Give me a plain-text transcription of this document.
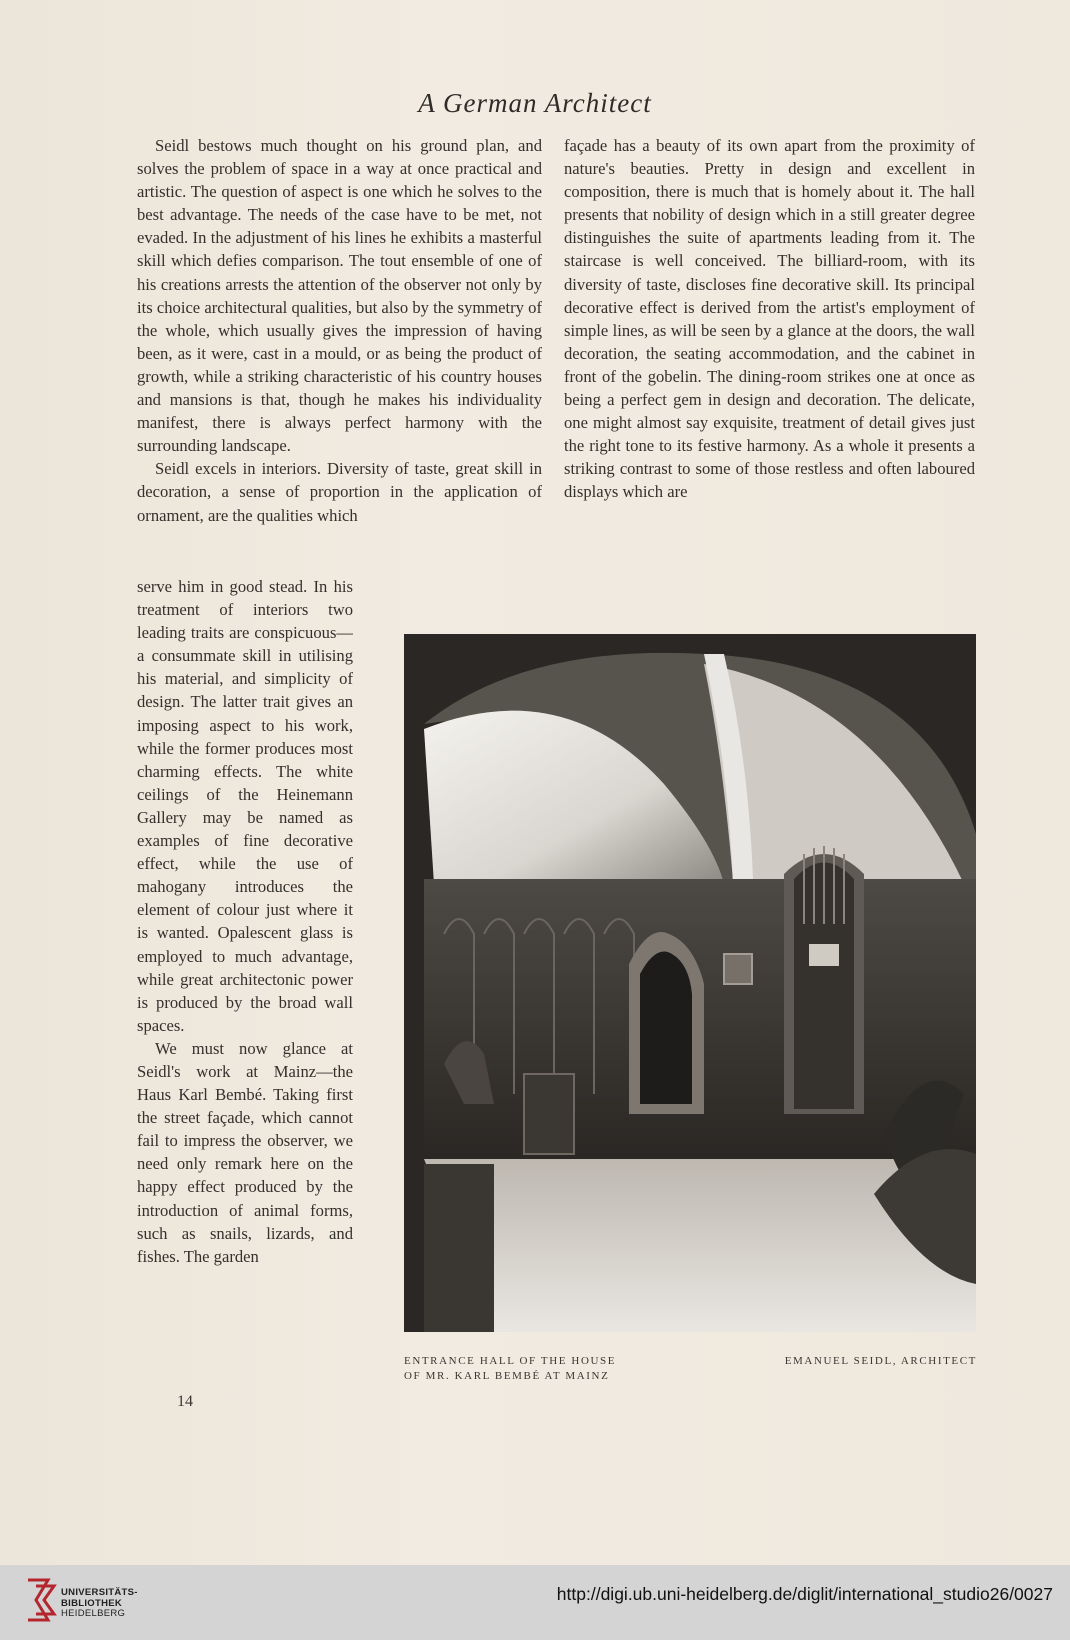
A German Architect

Seidl bestows much thought on his ground plan, and solves the problem of space in a way at once practical and artistic. The question of aspect is one which he solves to the best advantage. The needs of the case have to be met, not evaded. In the adjustment of his lines he exhibits a masterful skill which defies comparison. The tout ensemble of one of his creations arrests the attention of the observer not only by its choice architectural qualities, but also by the symmetry of the whole, which usually gives the impression of having been, as it were, cast in a mould, or as being the product of growth, while a striking characteristic of his country houses and mansions is that, though he makes his individuality manifest, there is always perfect harmony with the surrounding landscape.

Seidl excels in interiors. Diversity of taste, great skill in decoration, a sense of proportion in the application of ornament, are the qualities which

façade has a beauty of its own apart from the proximity of nature's beauties. Pretty in design and excellent in composition, there is much that is homely about it. The hall presents that nobility of design which in a still greater degree distinguishes the suite of apartments leading from it. The staircase is well conceived. The billiard-room, with its diversity of taste, discloses fine decorative skill. Its principal decorative effect is derived from the artist's employment of simple lines, as will be seen by a glance at the doors, the wall decoration, the seating accommodation, and the cabinet in front of the gobelin. The dining-room strikes one at once as being a perfect gem in design and decoration. The delicate, one might almost say exquisite, treatment of detail gives just the right tone to its festive harmony. As a whole it presents a striking contrast to some of those restless and often laboured displays which are

serve him in good stead. In his treatment of interiors two leading traits are conspicuous—a consummate skill in utilising his material, and simplicity of design. The latter trait gives an imposing aspect to his work, while the former produces most charming effects. The white ceilings of the Heinemann Gallery may be named as examples of fine decorative effect, while the use of mahogany introduces the element of colour just where it is wanted. Opalescent glass is employed to much advantage, while great architectonic power is produced by the broad wall spaces.

We must now glance at Seidl's work at Mainz—the Haus Karl Bembé. Taking first the street façade, which cannot fail to impress the observer, we need only remark here on the happy effect produced by the introduction of animal forms, such as snails, lizards, and fishes. The garden

ENTRANCE HALL OF THE HOUSE
OF MR. KARL BEMBÉ AT MAINZ
EMANUEL SEIDL, ARCHITECT
14
UNIVERSITÄTS-
BIBLIOTHEK
HEIDELBERG
http://digi.ub.uni-heidelberg.de/diglit/international_studio26/0027
